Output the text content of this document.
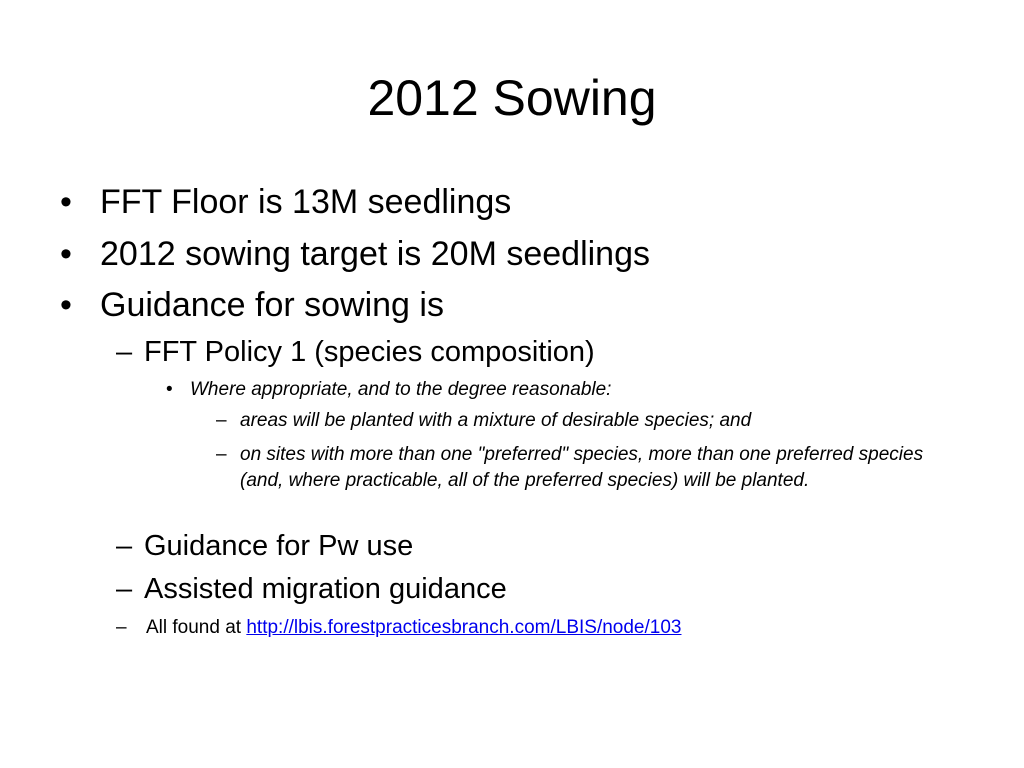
2012 Sowing
• FFT Floor is 13M seedlings
• 2012 sowing target is 20M seedlings
• Guidance for sowing is
– FFT Policy 1 (species composition)
• Where appropriate, and to the degree reasonable:
– areas will be planted with a mixture of desirable species; and
– on sites with more than one "preferred" species, more than one preferred species (and, where practicable, all of the preferred species) will be planted.
– Guidance for Pw use
– Assisted migration guidance
– All found at http://lbis.forestpracticesbranch.com/LBIS/node/103
